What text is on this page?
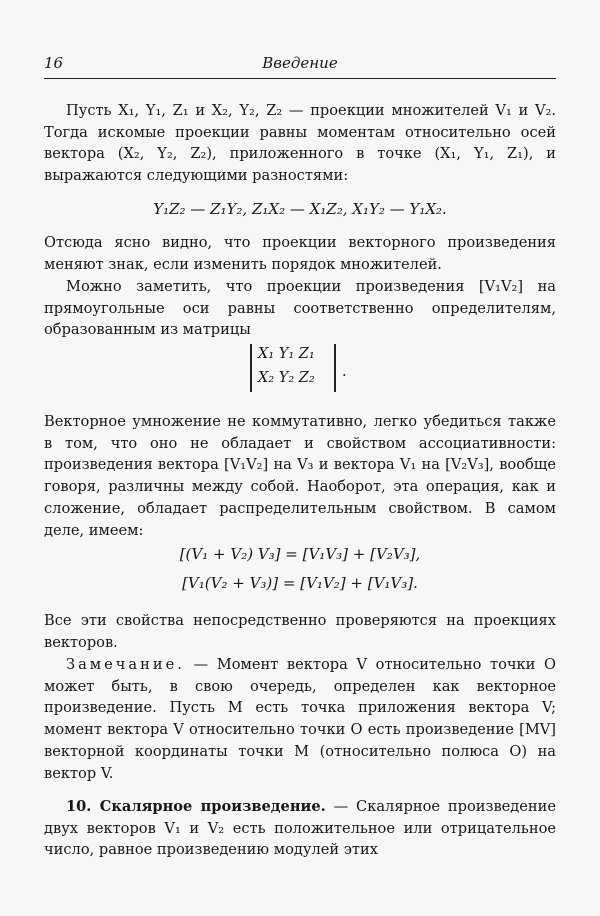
16	Введение
Пусть X₁, Y₁, Z₁ и X₂, Y₂, Z₂ — проекции множителей V₁ и V₂. Тогда искомые проекции равны моментам относительно осей вектора (X₂, Y₂, Z₂), приложенного в точке (X₁, Y₁, Z₁), и выражаются следующими разностями:
Y₁Z₂ — Z₁Y₂, Z₁X₂ — X₁Z₂, X₁Y₂ — Y₁X₂.
Отсюда ясно видно, что проекции векторного произведения меняют знак, если изменить порядок множителей.
Можно заметить, что проекции произведения [V₁V₂] на прямоугольные оси равны соответственно определителям, образованным из матрицы
X₁ Y₁ Z₁
X₂ Y₂ Z₂ .
Векторное умножение не коммутативно, легко убедиться также в том, что оно не обладает и свойством ассоциативности: произведения вектора [V₁V₂] на V₃ и вектора V₁ на [V₂V₃], вообще говоря, различны между собой. Наоборот, эта операция, как и сложение, обладает распределительным свойством. В самом деле, имеем:
[(V₁ + V₂) V₃] = [V₁V₃] + [V₂V₃],
[V₁(V₂ + V₃)] = [V₁V₂] + [V₁V₃].
Все эти свойства непосредственно проверяются на проекциях векторов.
Замечание. — Момент вектора V относительно точки O может быть, в свою очередь, определен как векторное произведение. Пусть M есть точка приложения вектора V; момент вектора V относительно точки O есть произведение [MV] векторной координаты точки M (относительно полюса O) на вектор V.
10. Скалярное произведение. — Скалярное произведение двух векторов V₁ и V₂ есть положительное или отрицательное число, равное произведению модулей этих
